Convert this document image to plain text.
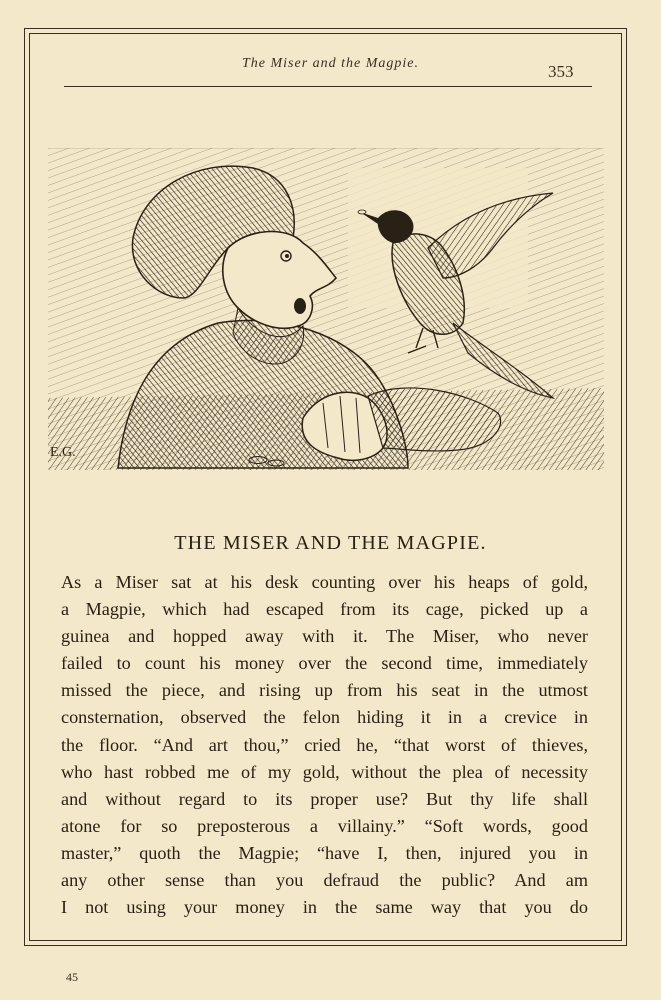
The Miser and the Magpie.	353
E.G.
THE MISER AND THE MAGPIE.
As a Miser sat at his desk counting over his heaps of gold,
a Magpie, which had escaped from its cage, picked up a
guinea and hopped away with it. The Miser, who never
failed to count his money over the second time, immediately
missed the piece, and rising up from his seat in the utmost
consternation, observed the felon hiding it in a crevice in
the floor. “And art thou,” cried he, “that worst of thieves,
who hast robbed me of my gold, without the plea of necessity
and without regard to its proper use? But thy life shall
atone for so preposterous a villainy.” “Soft words, good
master,” quoth the Magpie; “have I, then, injured you in
any other sense than you defraud the public? And am
I not using your money in the same way that you do
45
